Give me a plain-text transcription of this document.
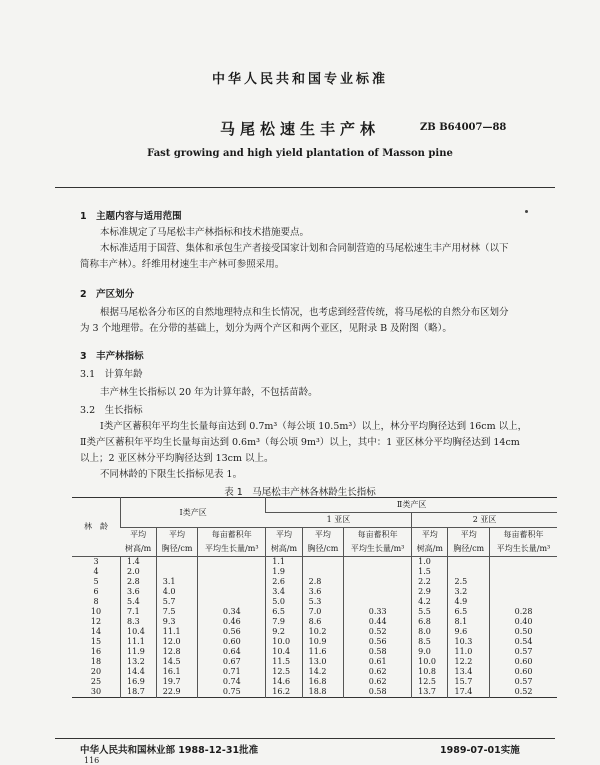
中华人民共和国专业标准
马尾松速生丰产林	ZB B64007—88
Fast growing and high yield plantation of Masson pine
1　主题内容与适用范围
本标准规定了马尾松丰产林指标和技术措施要点。
木标准适用于国营、集体和承包生产者接受国家计划和合同制营造的马尾松速生丰产用材林（以下
简称丰产林）。纤维用材速生丰产林可参照采用。
2　产区划分
根据马尾松各分布区的自然地理特点和生长情况，也考虑到经营传统，将马尾松的自然分布区划分
为 3 个地理带。在分带的基础上，划分为两个产区和两个亚区，见附录 B 及附图（略）。
3　丰产林指标
3.1　计算年龄
丰产林生长指标以 20 年为计算年龄，不包括苗龄。
3.2　生长指标
Ⅰ类产区蓄积年平均生长量每亩达到 0.7m³（每公顷 10.5m³）以上，林分平均胸径达到 16cm 以上，
Ⅱ类产区蓄积年平均生长量每亩达到 0.6m³（每公顷 9m³）以上，其中：1 亚区林分平均胸径达到 14cm
以上；2 亚区林分平均胸径达到 13cm 以上。
不同林龄的下限生长指标见表 1。
表 1　马尾松丰产林各林龄生长指标
林　龄	Ⅰ类产区			Ⅱ类产区					
				1 亚区			2 亚区		
	平均	平均	每亩蓄积年	平均	平均	每亩蓄积年	平均	平均	每亩蓄积年
	树高/m	胸径/cm	平均生长量/m³	树高/m	胸径/cm	平均生长量/m³	树高/m	胸径/cm	平均生长量/m³
3	1.4			1.1			1.0		
4	2.0			1.9			1.5		
5	2.8	3.1		2.6	2.8		2.2	2.5	
6	3.6	4.0		3.4	3.6		2.9	3.2	
8	5.4	5.7		5.0	5.3		4.2	4.9	
10	7.1	7.5	0.34	6.5	7.0	0.33	5.5	6.5	0.28
12	8.3	9.3	0.46	7.9	8.6	0.44	6.8	8.1	0.40
14	10.4	11.1	0.56	9.2	10.2	0.52	8.0	9.6	0.50
15	11.1	12.0	0.60	10.0	10.9	0.56	8.5	10.3	0.54
16	11.9	12.8	0.64	10.4	11.6	0.58	9.0	11.0	0.57
18	13.2	14.5	0.67	11.5	13.0	0.61	10.0	12.2	0.60
20	14.4	16.1	0.71	12.5	14.2	0.62	10.8	13.4	0.60
25	16.9	19.7	0.74	14.6	16.8	0.62	12.5	15.7	0.57
30	18.7	22.9	0.75	16.2	18.8	0.58	13.7	17.4	0.52
中华人民共和国林业部 1988-12-31批准	1989-07-01实施
116
